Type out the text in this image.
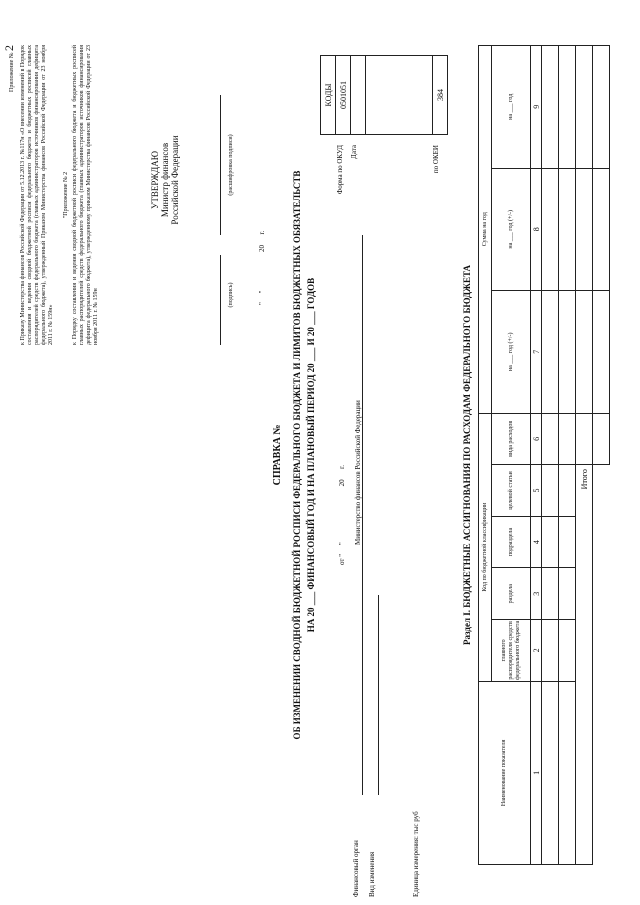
Приложение № 2 к Приказу Министерства финансов Российской Федерации от 5.12.2013 г. №117н «О внесении изменений в Порядок составления и ведения сводной бюджетной росписи федерального бюджета и бюджетных росписей главных распорядителей средств федерального бюджета (главных администраторов источников финансирования дефицита федерального бюджета), утвержденный Приказом Министерства финансов Российской Федерации от 23 ноября 2011 г. № 159н»
"Приложение № 2 к Порядку составления и ведения сводной бюджетной росписи федерального бюджета и бюджетных росписей главных распорядителей средств федерального бюджета (главных администраторов источников финансирования дефицита федерального бюджета), утвержденному приказом Министерства финансов Российской Федерации от 23 ноября 2011 г. № 159н
УТВЕРЖДАЮ Министр финансов Российской Федерации
(подпись)
(расшифровка подписи)
"     "                      20      г.
СПРАВКА № ОБ ИЗМЕНЕНИИ СВОДНОЙ БЮДЖЕТНОЙ РОСПИСИ ФЕДЕРАЛЬНОГО БЮДЖЕТА И ЛИМИТОВ БЮДЖЕТНЫХ ОБЯЗАТЕЛЬСТВ НА 20 ___ ФИНАНСОВЫЙ ГОД И НА ПЛАНОВЫЙ ПЕРИОД 20 ___ И 20 ___ ГОДОВ	от "     "                                20      г. Министерство финансов Российской Федерации
Финансовый орган Вид изменения	Единица измерения: тыс руб
Форма по ОКУД Дата	по ОКЕИ
КОДЫ
0501051

384
Раздел I. БЮДЖЕТНЫЕ АССИГНОВАНИЯ ПО РАСХОДАМ ФЕДЕРАЛЬНОГО БЮДЖЕТА
Наименование показателя	Код по бюджетной классификации					Сумма на год		
	главного распорядителя средств федерального бюджета	раздела	подраздела	целевой статьи	вида расходов	на ___ год (+/-)	на ___ год (+/-)	на ___ год
1	2	3	4	5	6	7	8	9

Итого								
